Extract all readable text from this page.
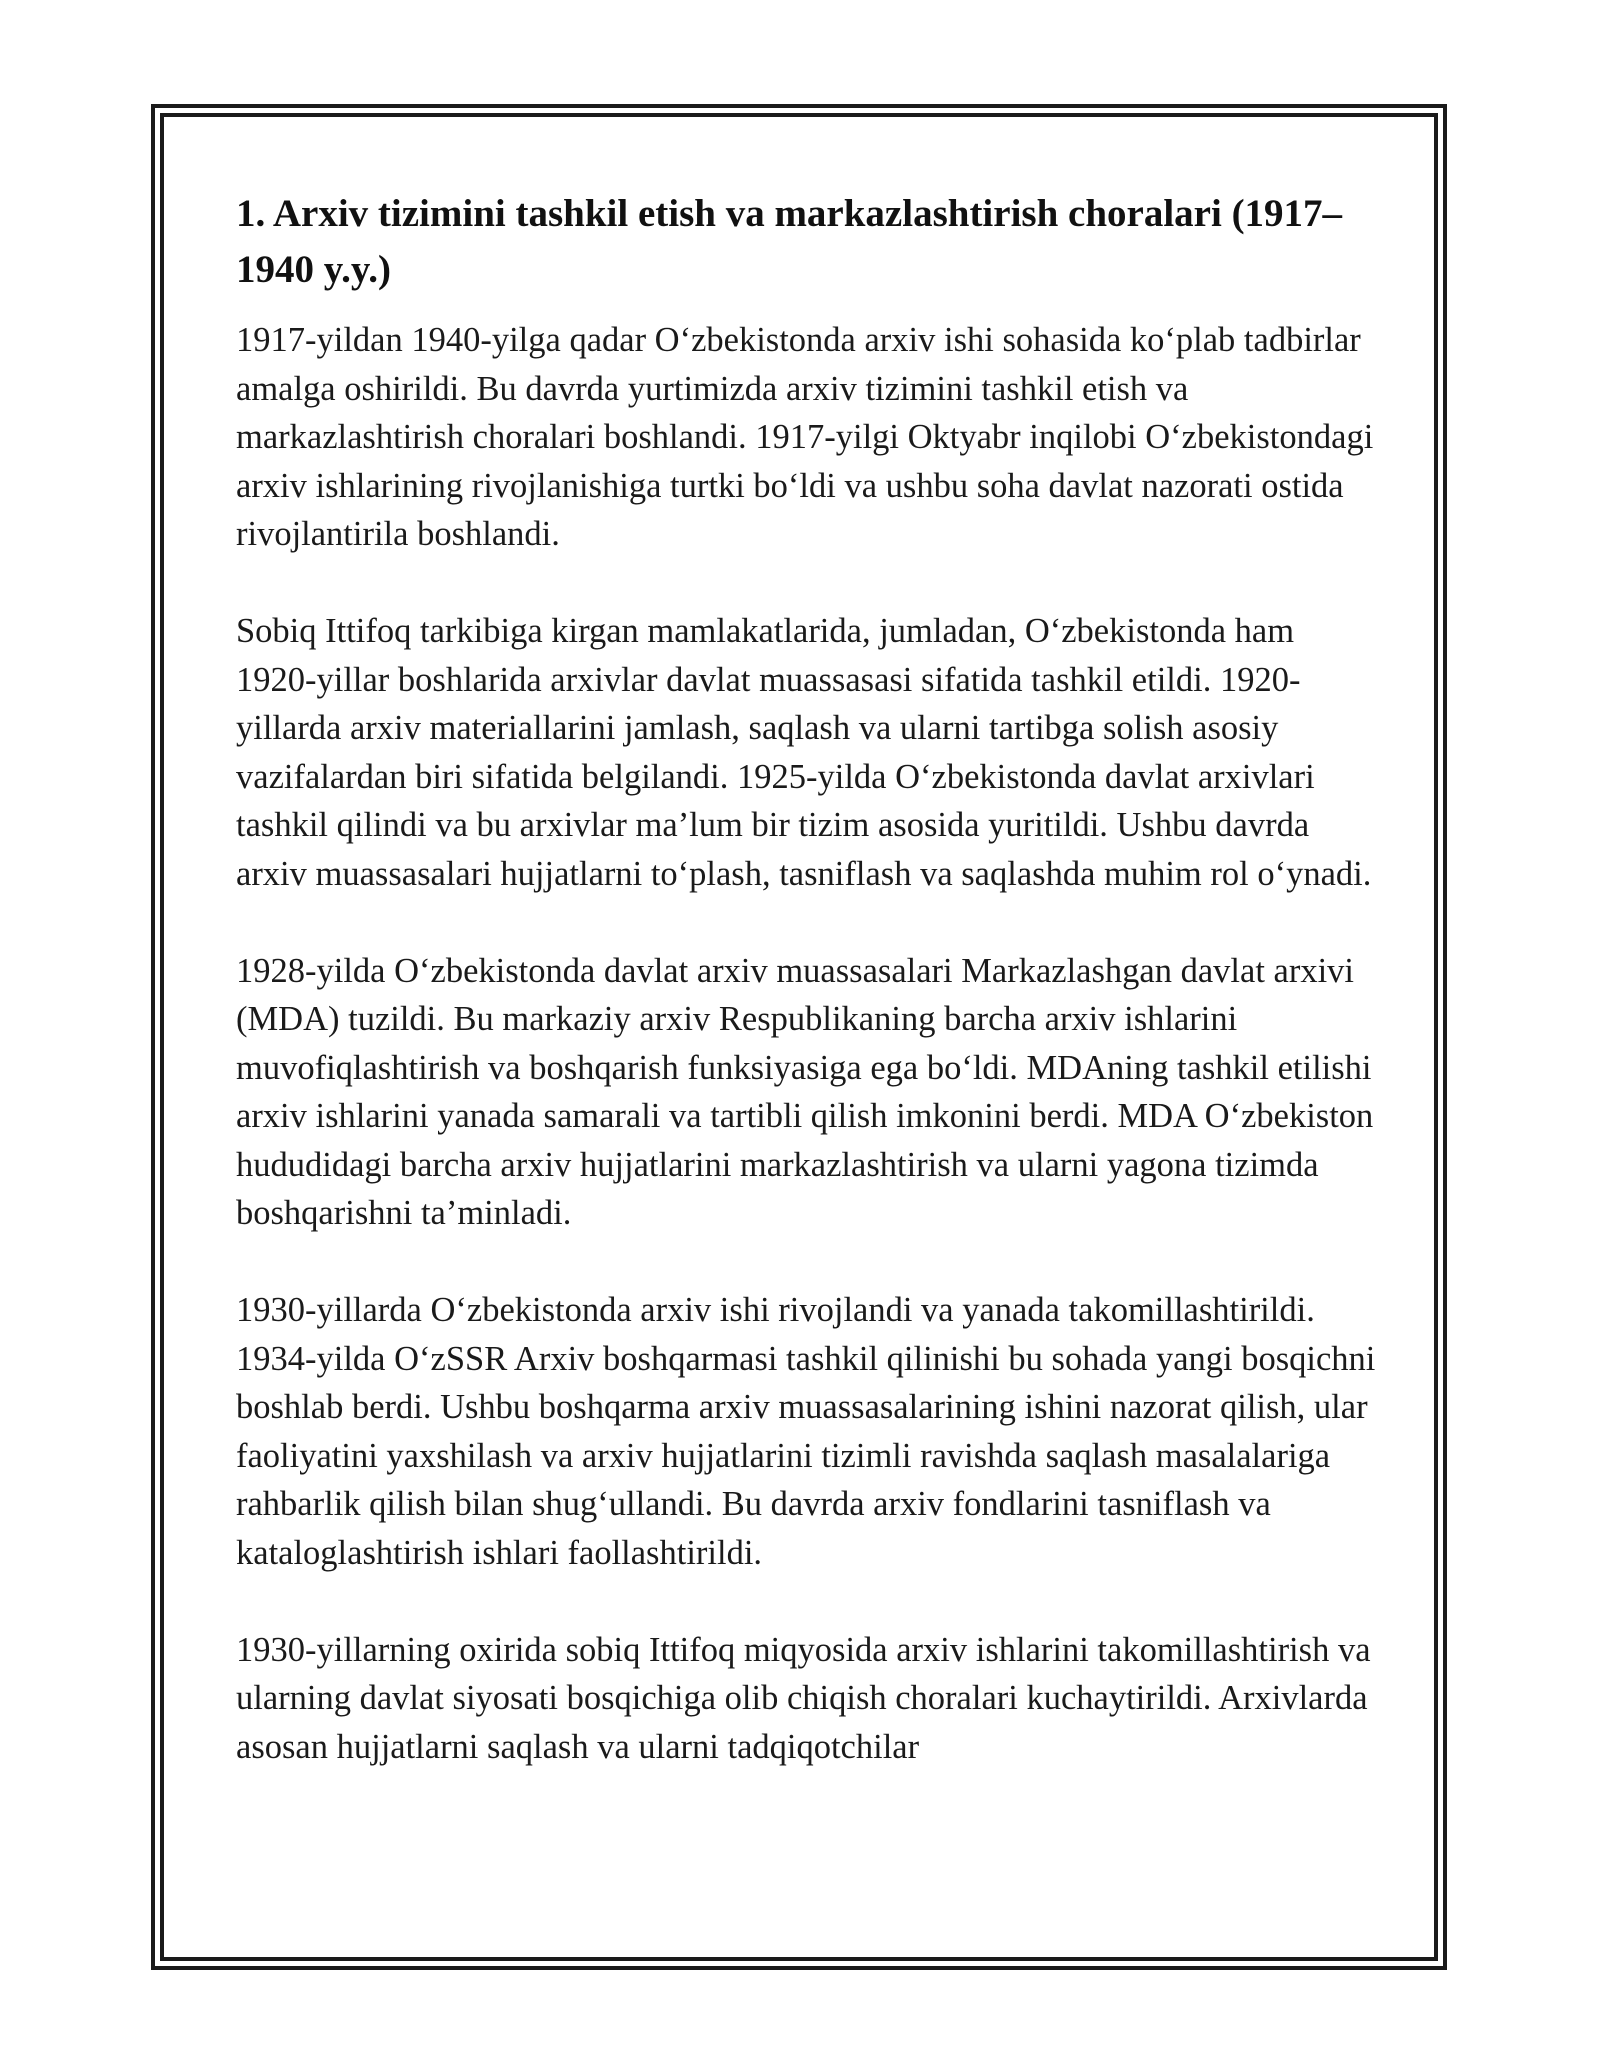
1. Arxiv tizimini tashkil etish va markazlashtirish choralari (1917–1940 y.y.)

1917-yildan 1940-yilga qadar O‘zbekistonda arxiv ishi sohasida ko‘plab tadbirlar amalga oshirildi. Bu davrda yurtimizda arxiv tizimini tashkil etish va markazlashtirish choralari boshlandi. 1917-yilgi Oktyabr inqilobi O‘zbekistondagi arxiv ishlarining rivojlanishiga turtki bo‘ldi va ushbu soha davlat nazorati ostida rivojlantirila boshlandi.

Sobiq Ittifoq tarkibiga kirgan mamlakatlarida, jumladan, O‘zbekistonda ham 1920-yillar boshlarida arxivlar davlat muassasasi sifatida tashkil etildi. 1920-yillarda arxiv materiallarini jamlash, saqlash va ularni tartibga solish asosiy vazifalardan biri sifatida belgilandi. 1925-yilda O‘zbekistonda davlat arxivlari tashkil qilindi va bu arxivlar ma’lum bir tizim asosida yuritildi. Ushbu davrda arxiv muassasalari hujjatlarni to‘plash, tasniflash va saqlashda muhim rol o‘ynadi.

1928-yilda O‘zbekistonda davlat arxiv muassasalari Markazlashgan davlat arxivi (MDA) tuzildi. Bu markaziy arxiv Respublikaning barcha arxiv ishlarini muvofiqlashtirish va boshqarish funksiyasiga ega bo‘ldi. MDAning tashkil etilishi arxiv ishlarini yanada samarali va tartibli qilish imkonini berdi. MDA O‘zbekiston hududidagi barcha arxiv hujjatlarini markazlashtirish va ularni yagona tizimda boshqarishni ta’minladi.

1930-yillarda O‘zbekistonda arxiv ishi rivojlandi va yanada takomillashtirildi. 1934-yilda O‘zSSR Arxiv boshqarmasi tashkil qilinishi bu sohada yangi bosqichni boshlab berdi. Ushbu boshqarma arxiv muassasalarining ishini nazorat qilish, ular faoliyatini yaxshilash va arxiv hujjatlarini tizimli ravishda saqlash masalalariga rahbarlik qilish bilan shug‘ullandi. Bu davrda arxiv fondlarini tasniflash va kataloglashtirish ishlari faollashtirildi.

1930-yillarning oxirida sobiq Ittifoq miqyosida arxiv ishlarini takomillashtirish va ularning davlat siyosati bosqichiga olib chiqish choralari kuchaytirildi. Arxivlarda asosan hujjatlarni saqlash va ularni tadqiqotchilar
